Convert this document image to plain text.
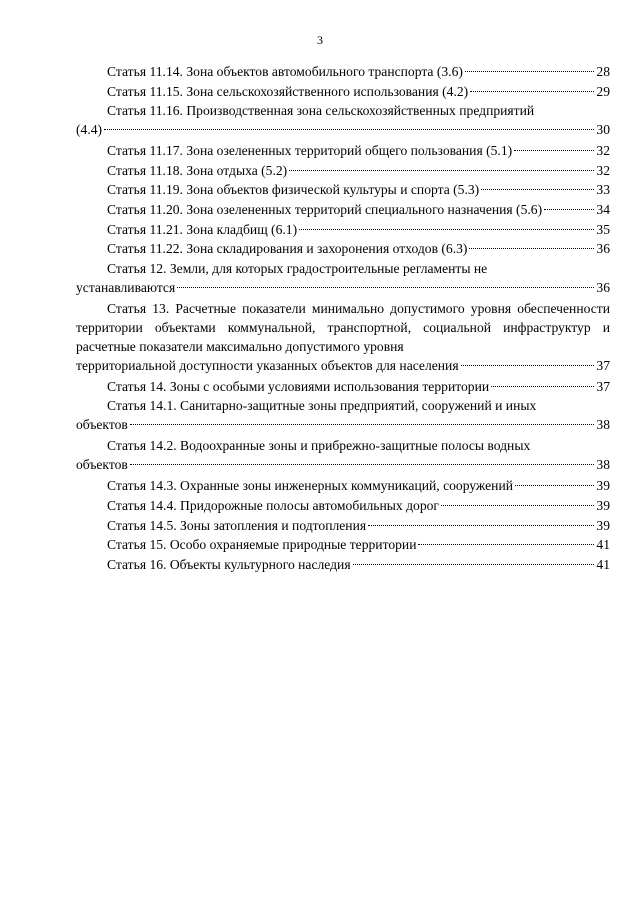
3
Статья 11.14. Зона объектов автомобильного транспорта (3.6)	28
Статья 11.15. Зона сельскохозяйственного использования (4.2)	29
Статья 11.16. Производственная зона сельскохозяйственных предприятий
(4.4)	30
Статья 11.17. Зона озелененных территорий общего пользования (5.1)	32
Статья 11.18. Зона отдыха (5.2)	32
Статья 11.19. Зона объектов физической культуры и спорта (5.3)	33
Статья 11.20. Зона озелененных территорий специального назначения (5.6)	34
Статья 11.21. Зона кладбищ (6.1)	35
Статья 11.22. Зона складирования и захоронения отходов (6.3)	36
Статья 12. Земли, для которых градостроительные регламенты не
устанавливаются	36
Статья 13. Расчетные показатели минимально допустимого уровня обеспеченности территории объектами коммунальной, транспортной, социальной инфраструктур и расчетные показатели максимально допустимого уровня
территориальной доступности указанных объектов для населения	37
Статья 14. Зоны с особыми условиями использования территории	37
Статья 14.1. Санитарно-защитные зоны предприятий, сооружений и иных
объектов	38
Статья 14.2. Водоохранные зоны и прибрежно-защитные полосы водных
объектов	38
Статья 14.3. Охранные зоны инженерных коммуникаций, сооружений	39
Статья 14.4. Придорожные полосы автомобильных дорог	39
Статья 14.5. Зоны затопления и подтопления	39
Статья 15. Особо охраняемые природные территории	41
Статья 16. Объекты культурного наследия	41
